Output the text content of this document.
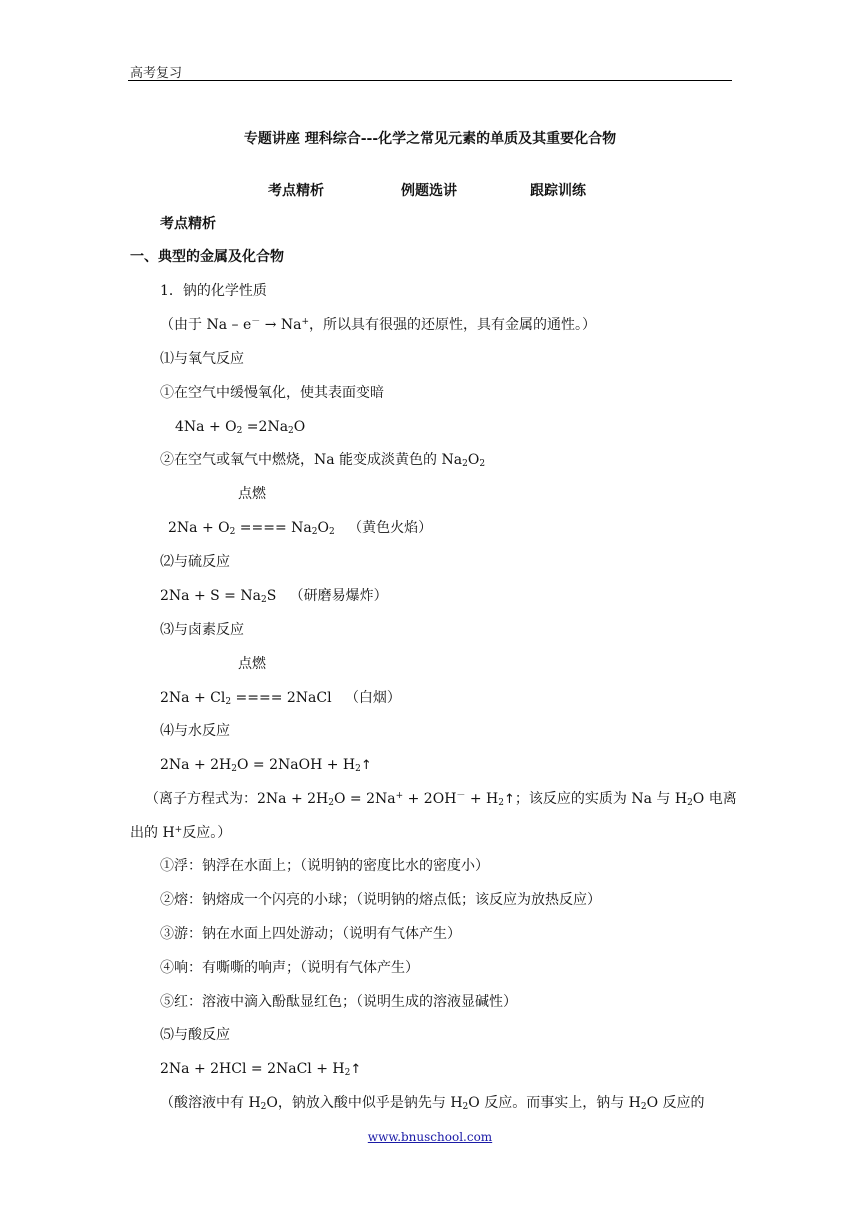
高考复习
专题讲座 理科综合---化学之常见元素的单质及其重要化合物
考点精析	例题选讲	跟踪训练
考点精析
一、典型的金属及化合物
1．钠的化学性质
（由于 Na – e－ → Na+，所以具有很强的还原性，具有金属的通性。）
⑴与氧气反应
①在空气中缓慢氧化，使其表面变暗
$4Na + O_2 =2Na_2O$
②在空气或氧气中燃烧，Na 能变成淡黄色的 $Na_2O_2$
点燃
$2Na + O_2$ ==== $Na_2O_2$ （黄色火焰）
⑵与硫反应
$2Na + S = Na_2S$   （研磨易爆炸）
⑶与卤素反应
点燃
$2Na + Cl_2$ ==== 2NaCl   （白烟）
⑷与水反应
$2Na + 2H_2O$ = 2NaOH + $H_2↑$
（离子方程式为：$2Na + 2H_2O = 2Na^+ + 2OH^-$ + $H_2↑$；该反应的实质为 Na 与 $H_2O$ 电离
出的 H+反应。）
①浮：钠浮在水面上；（说明钠的密度比水的密度小）
②熔：钠熔成一个闪亮的小球；（说明钠的熔点低；该反应为放热反应）
③游：钠在水面上四处游动；（说明有气体产生）
④响：有嘶嘶的响声；（说明有气体产生）
⑤红：溶液中滴入酚酞显红色；（说明生成的溶液显碱性）
⑸与酸反应
2Na + 2HCl = 2NaCl + $H_2↑$
（酸溶液中有 $H_2O$，钠放入酸中似乎是钠先与 $H_2O$ 反应。而事实上，钠与 $H_2O$ 反应的
www.bnuschool.com
